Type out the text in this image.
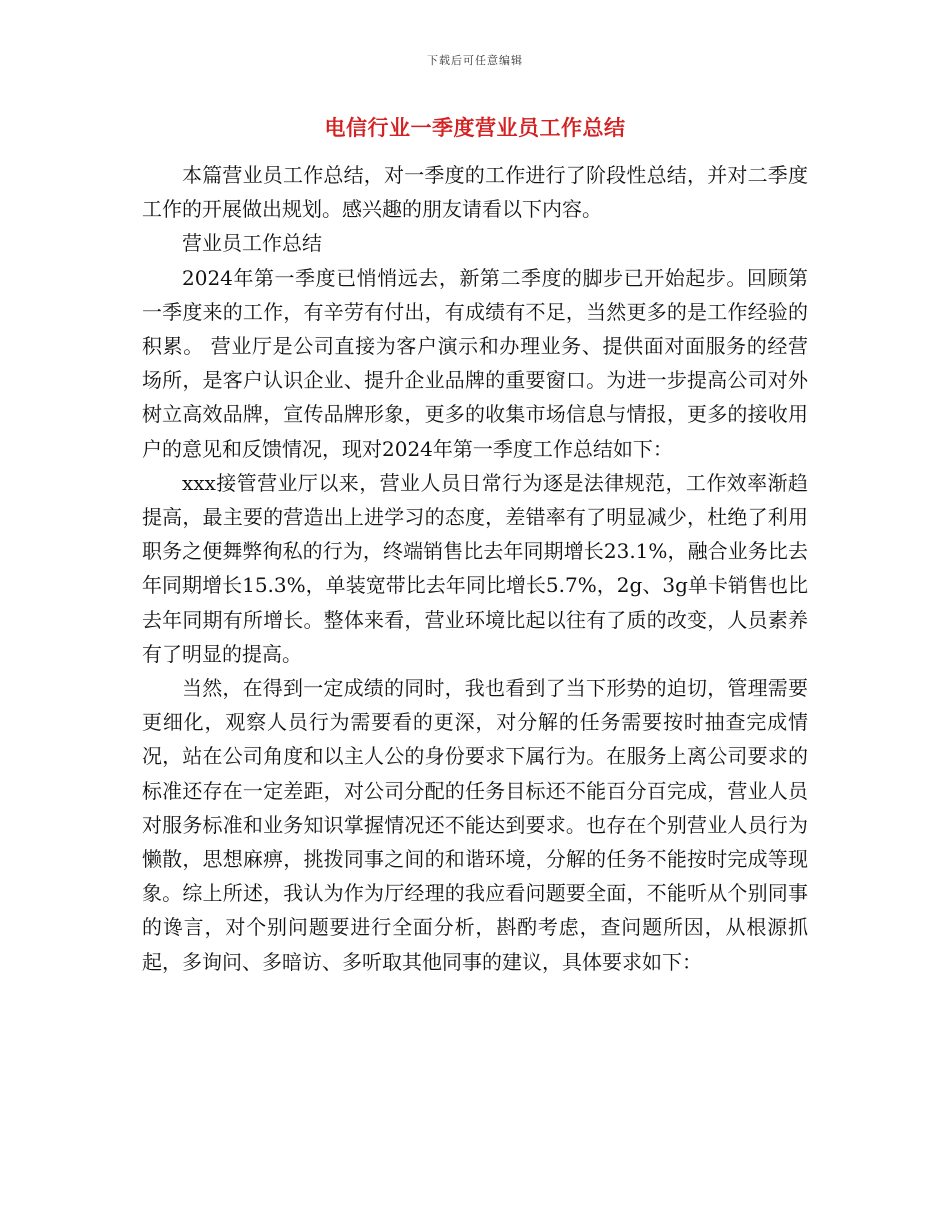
下载后可任意编辑
电信行业一季度营业员工作总结

本篇营业员工作总结，对一季度的工作进行了阶段性总结，并对二季度工作的开展做出规划。感兴趣的朋友请看以下内容。

营业员工作总结

2024年第一季度已悄悄远去，新第二季度的脚步已开始起步。回顾第一季度来的工作，有辛劳有付出，有成绩有不足，当然更多的是工作经验的积累。 营业厅是公司直接为客户演示和办理业务、提供面对面服务的经营场所，是客户认识企业、提升企业品牌的重要窗口。为进一步提高公司对外树立高效品牌，宣传品牌形象，更多的收集市场信息与情报，更多的接收用户的意见和反馈情况，现对2024年第一季度工作总结如下：

xxx接管营业厅以来，营业人员日常行为逐是法律规范，工作效率渐趋提高，最主要的营造出上进学习的态度，差错率有了明显减少，杜绝了利用职务之便舞弊徇私的行为，终端销售比去年同期增长23.1%，融合业务比去年同期增长15.3%，单装宽带比去年同比增长5.7%，2g、3g单卡销售也比去年同期有所增长。整体来看，营业环境比起以往有了质的改变，人员素养有了明显的提高。

当然，在得到一定成绩的同时，我也看到了当下形势的迫切，管理需要更细化，观察人员行为需要看的更深，对分解的任务需要按时抽查完成情况，站在公司角度和以主人公的身份要求下属行为。在服务上离公司要求的标准还存在一定差距，对公司分配的任务目标还不能百分百完成，营业人员对服务标准和业务知识掌握情况还不能达到要求。也存在个别营业人员行为懒散，思想麻痹，挑拨同事之间的和谐环境，分解的任务不能按时完成等现象。综上所述，我认为作为厅经理的我应看问题要全面，不能听从个别同事的谗言，对个别问题要进行全面分析，斟酌考虑，查问题所因，从根源抓起，多询问、多暗访、多听取其他同事的建议，具体要求如下：
